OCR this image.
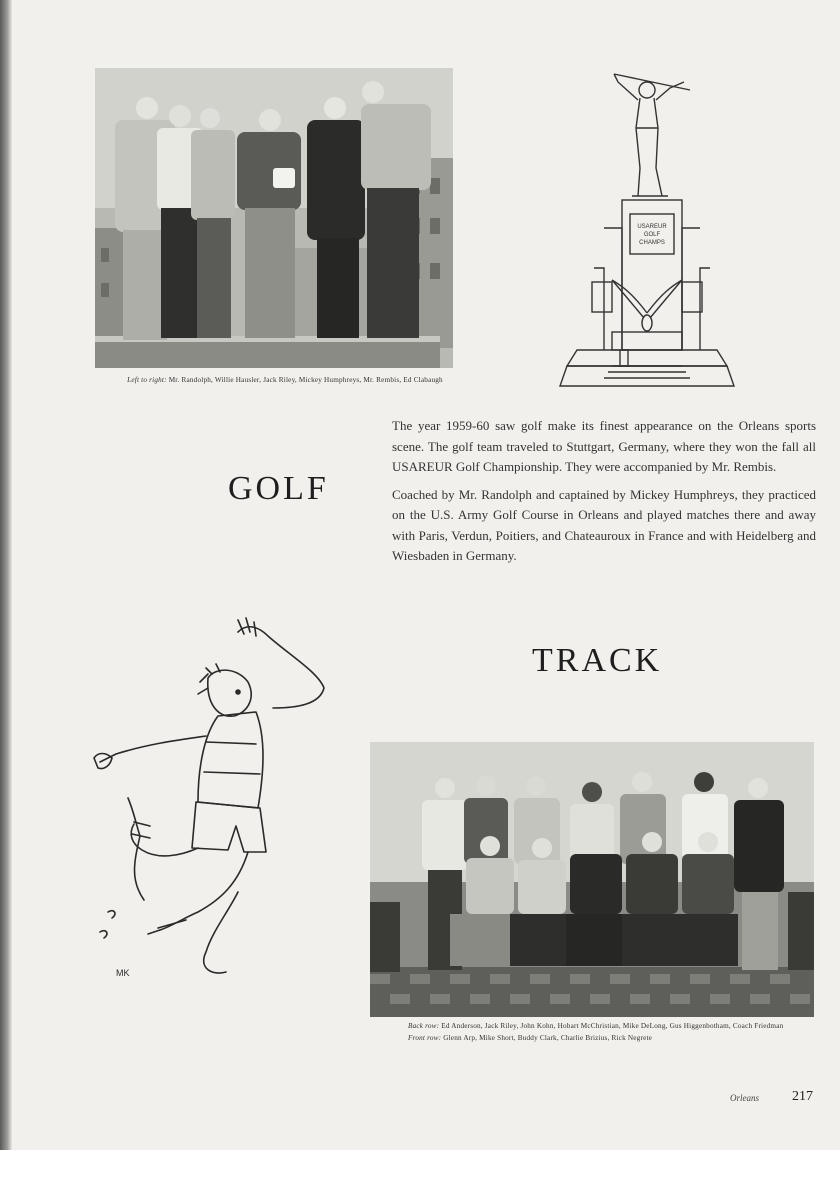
Left to right: Mr. Randolph, Willie Hausler, Jack Riley, Mickey Humphreys, Mr. Rembis, Ed Clabaugh
USAREUR
GOLF
CHAMPS
GOLF

The year 1959-60 saw golf make its finest appearance on the Orleans sports scene. The golf team traveled to Stuttgart, Germany, where they won the fall all USAREUR Golf Championship. They were accompanied by Mr. Rembis.

Coached by Mr. Randolph and captained by Mickey Humphreys, they practiced on the U.S. Army Golf Course in Orleans and played matches there and away with Paris, Verdun, Poitiers, and Chateauroux in France and with Heidelberg and Wiesbaden in Germany.

TRACK
MK
Back row: Ed Anderson, Jack Riley, John Kohn, Hobart McChristian, Mike DeLong, Gus Higgenbotham, Coach Friedman
Front row: Glenn Arp, Mike Short, Buddy Clark, Charlie Brizius, Rick Negrete
Orleans 217
